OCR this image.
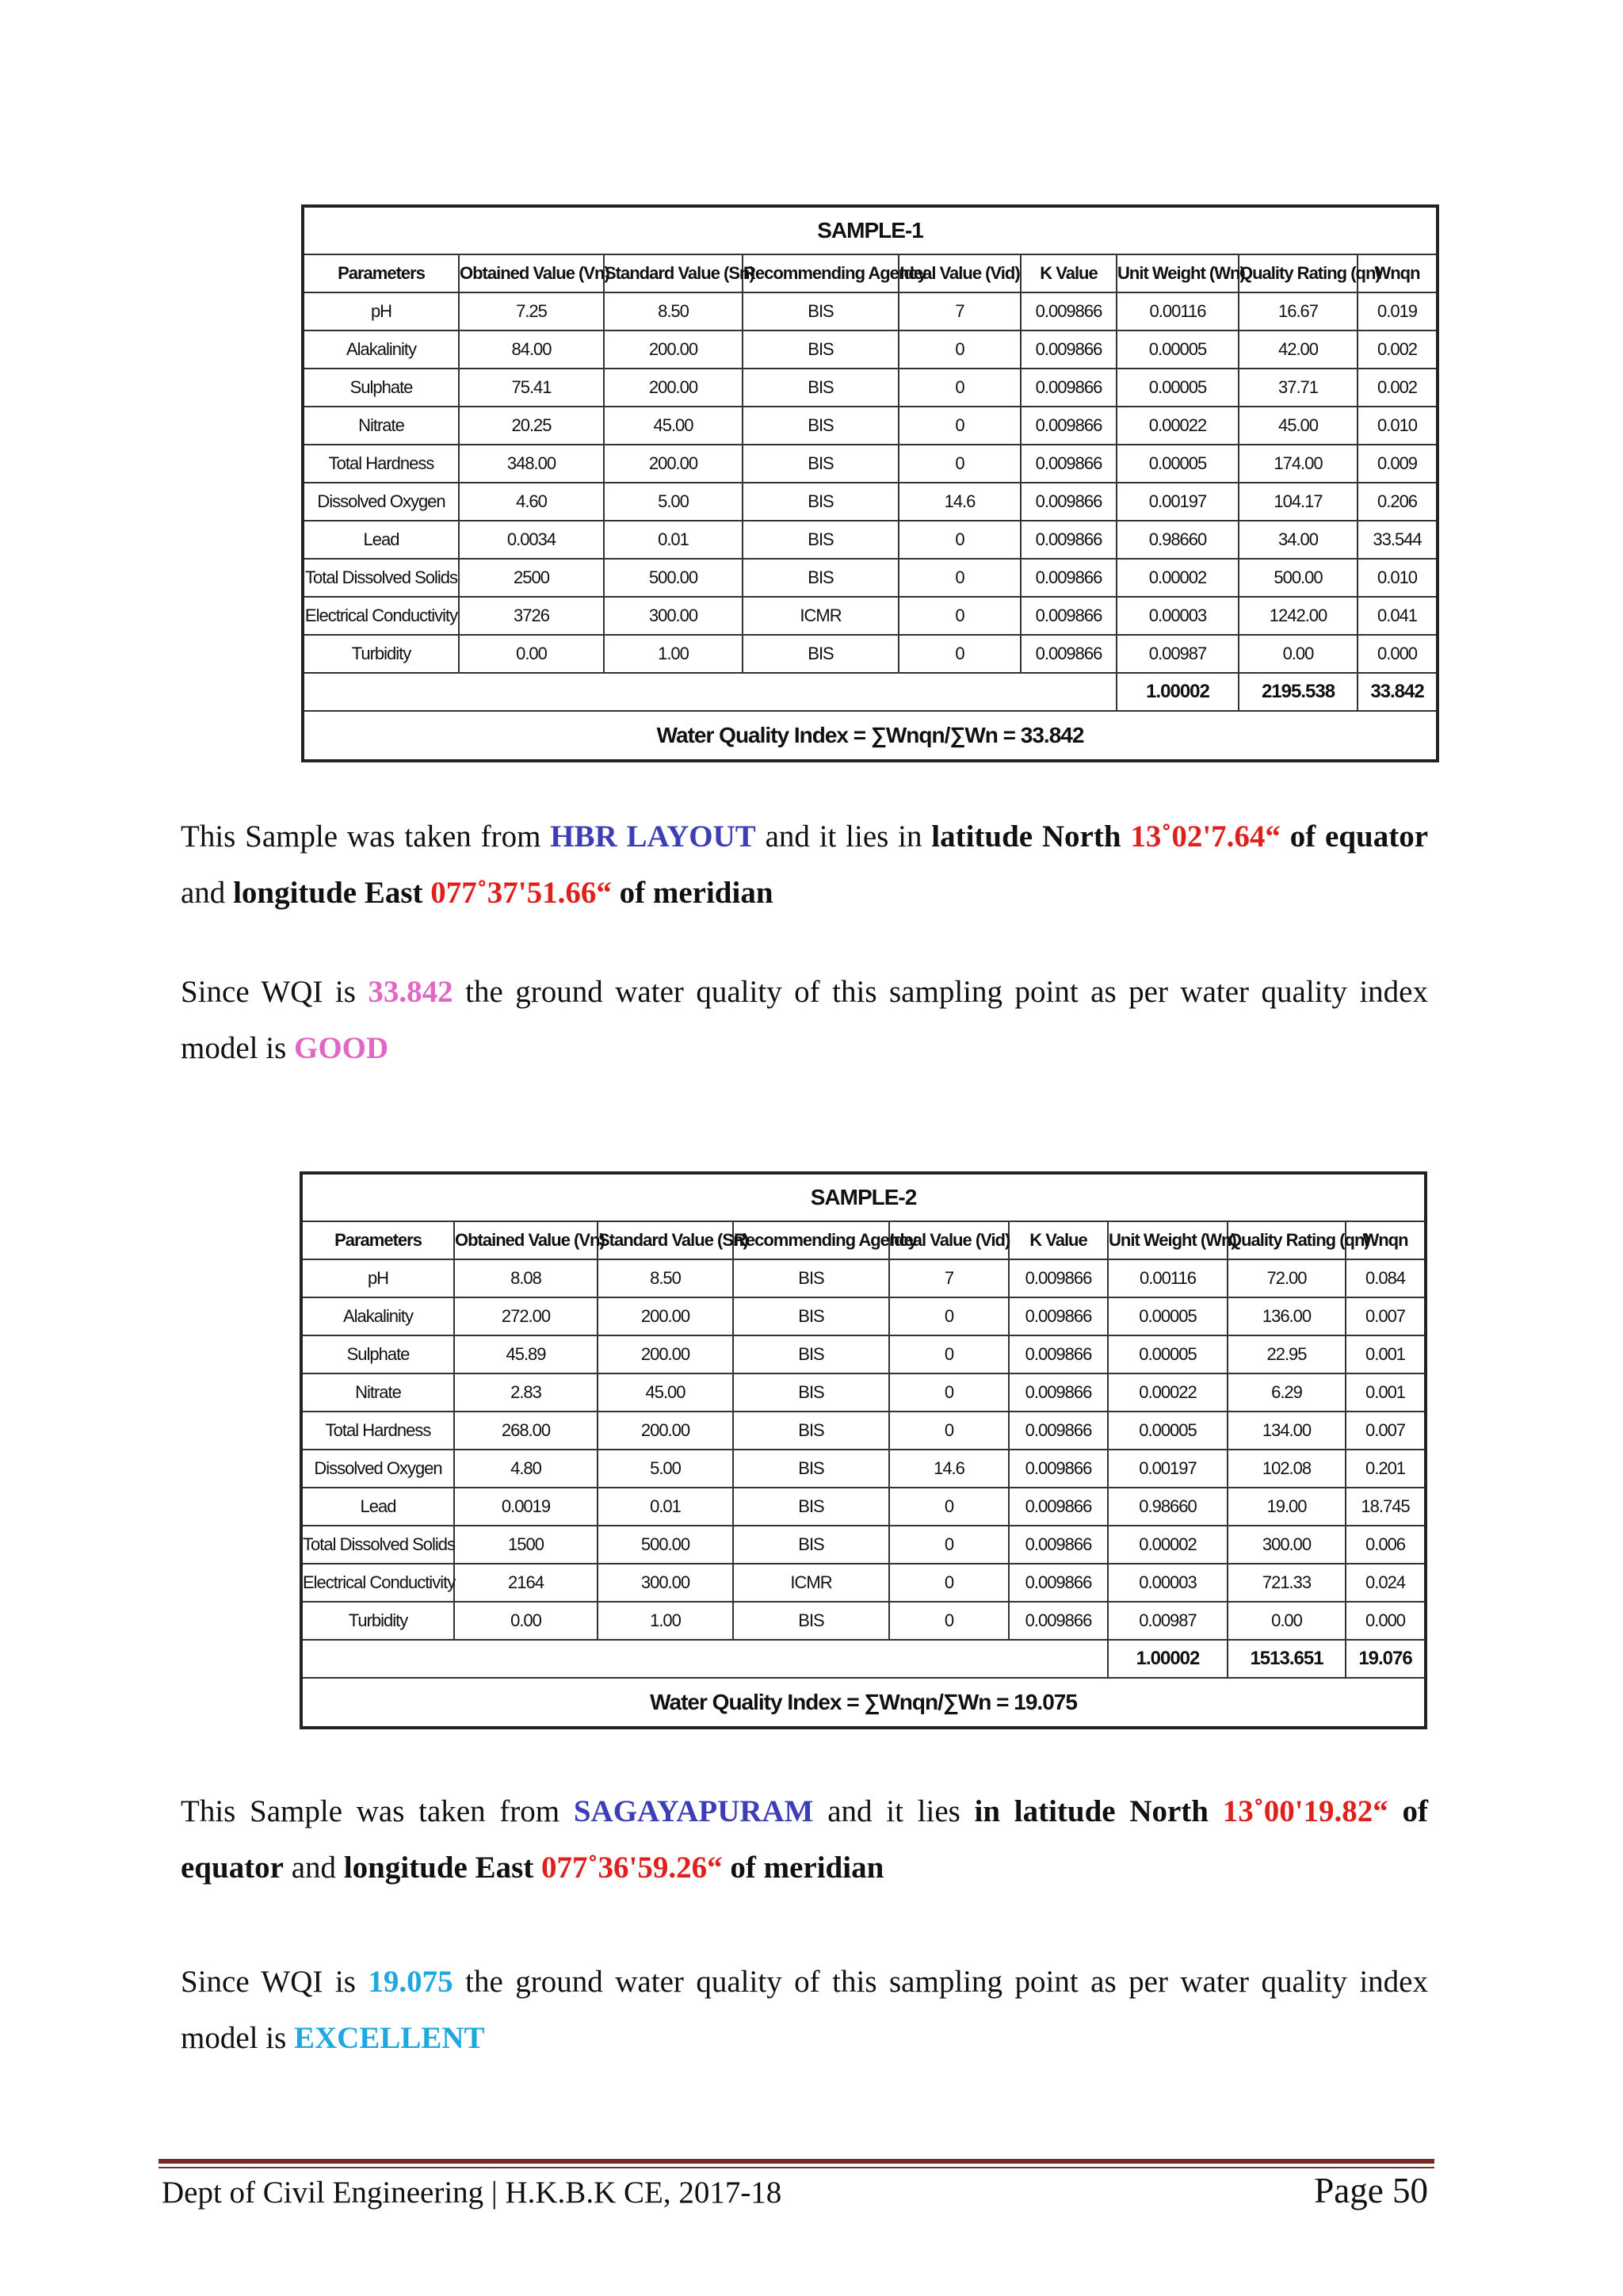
SAMPLE-1								
Parameters	Obtained Value (Vn)	Standard Value (Sn)	Recommending Agency	Ideal Value (Vid)	K Value	Unit Weight (Wn)	Quality Rating (qn)	Wnqn
pH	7.25	8.50	BIS	7	0.009866	0.00116	16.67	0.019
Alakalinity	84.00	200.00	BIS	0	0.009866	0.00005	42.00	0.002
Sulphate	75.41	200.00	BIS	0	0.009866	0.00005	37.71	0.002
Nitrate	20.25	45.00	BIS	0	0.009866	0.00022	45.00	0.010
Total Hardness	348.00	200.00	BIS	0	0.009866	0.00005	174.00	0.009
Dissolved Oxygen	4.60	5.00	BIS	14.6	0.009866	0.00197	104.17	0.206
Lead	0.0034	0.01	BIS	0	0.009866	0.98660	34.00	33.544
Total Dissolved Solids	2500	500.00	BIS	0	0.009866	0.00002	500.00	0.010
Electrical Conductivity	3726	300.00	ICMR	0	0.009866	0.00003	1242.00	0.041
Turbidity	0.00	1.00	BIS	0	0.009866	0.00987	0.00	0.000
						1.00002	2195.538	33.842
Water Quality Index = ∑Wnqn/∑Wn = 33.842								
This Sample was taken from HBR LAYOUT and it lies in latitude North 13˚02'7.64“ of equator and longitude East 077˚37'51.66“ of meridian
Since WQI is 33.842 the ground water quality of this sampling point as per water quality index model is GOOD
SAMPLE-2								
Parameters	Obtained Value (Vn)	Standard Value (Sn)	Recommending Agency	Ideal Value (Vid)	K Value	Unit Weight (Wn)	Quality Rating (qn)	Wnqn
pH	8.08	8.50	BIS	7	0.009866	0.00116	72.00	0.084
Alakalinity	272.00	200.00	BIS	0	0.009866	0.00005	136.00	0.007
Sulphate	45.89	200.00	BIS	0	0.009866	0.00005	22.95	0.001
Nitrate	2.83	45.00	BIS	0	0.009866	0.00022	6.29	0.001
Total Hardness	268.00	200.00	BIS	0	0.009866	0.00005	134.00	0.007
Dissolved Oxygen	4.80	5.00	BIS	14.6	0.009866	0.00197	102.08	0.201
Lead	0.0019	0.01	BIS	0	0.009866	0.98660	19.00	18.745
Total Dissolved Solids	1500	500.00	BIS	0	0.009866	0.00002	300.00	0.006
Electrical Conductivity	2164	300.00	ICMR	0	0.009866	0.00003	721.33	0.024
Turbidity	0.00	1.00	BIS	0	0.009866	0.00987	0.00	0.000
						1.00002	1513.651	19.076
Water Quality Index = ∑Wnqn/∑Wn = 19.075								
This Sample was taken from SAGAYAPURAM and it lies in latitude North 13˚00'19.82“ of equator and longitude East 077˚36'59.26“ of meridian
Since WQI is 19.075 the ground water quality of this sampling point as per water quality index model is EXCELLENT
Dept of Civil Engineering | H.K.B.K CE, 2017-18	Page 50
